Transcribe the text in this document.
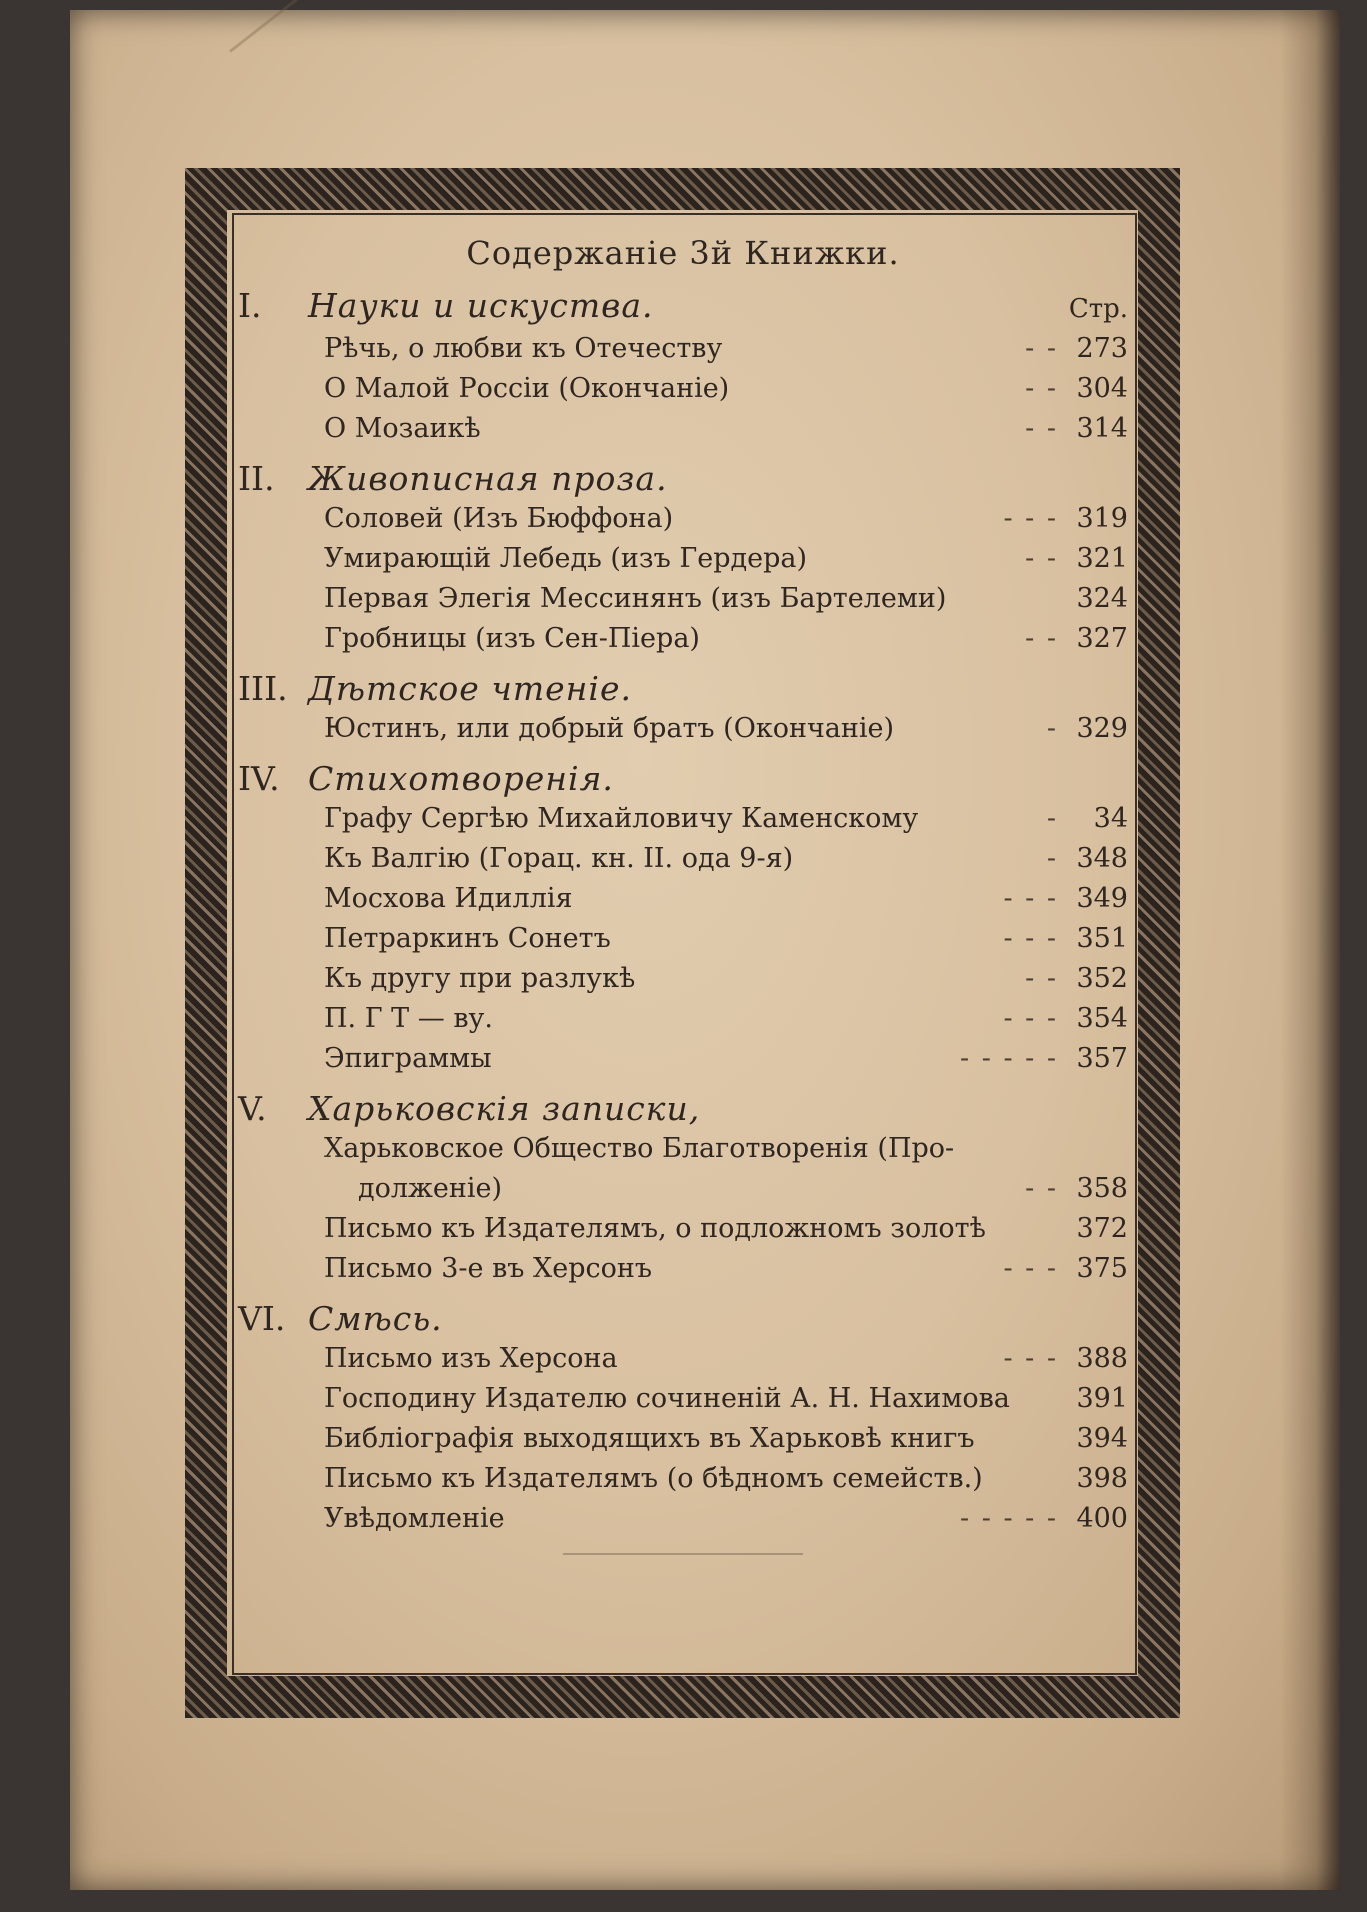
Содержанiе 3й Книжки.
I.	Науки и искуства.	Стр.
Рѣчь, о любви къ Отечеству	- - 273
О Малой Россiи (Окончанiе)	- - 304
О Мозаикѣ	- - 314
II.	Живописная проза.
Соловей (Изъ Бюффона)	- - - 319
Умирающiй Лебедь (изъ Гердера)	- - 321
Первая Элегiя Мессинянъ (изъ Бартелеми)	324
Гробницы (изъ Сен-Пiера)	- - 327
III. Дѣтское чтенiе.
Юстинъ, или добрый братъ (Окончанiе)	- 329
IV. Стихотворенiя.
Графу Сергѣю Михайловичу Каменскому	-	34
Къ Валгiю (Горац. кн. II. ода 9-я)	- 348
Мосхова Идиллiя	- - - 349
Петраркинъ Сонетъ	- - - 351
Къ другу при разлукѣ	- - 352
П. Г Т — ву.	- - - 354
Эпиграммы	- - - - - 357
V.	Харьковскiя записки,
Харьковское Общество Благотворенiя (Про-
долженiе)	- - 358
Письмо къ Издателямъ, о подложномъ золотѣ	372
Письмо 3-е въ Херсонъ	- - - 375
VI. Смѣсь.
Письмо изъ Херсона	- - - 388
Господину Издателю сочиненiй А. Н. Нахимова	391
Библiографiя выходящихъ въ Харьковѣ книгъ	394
Письмо къ Издателямъ (о бѣдномъ семейств.)	398
Увѣдомленiе	- - - - - 400
